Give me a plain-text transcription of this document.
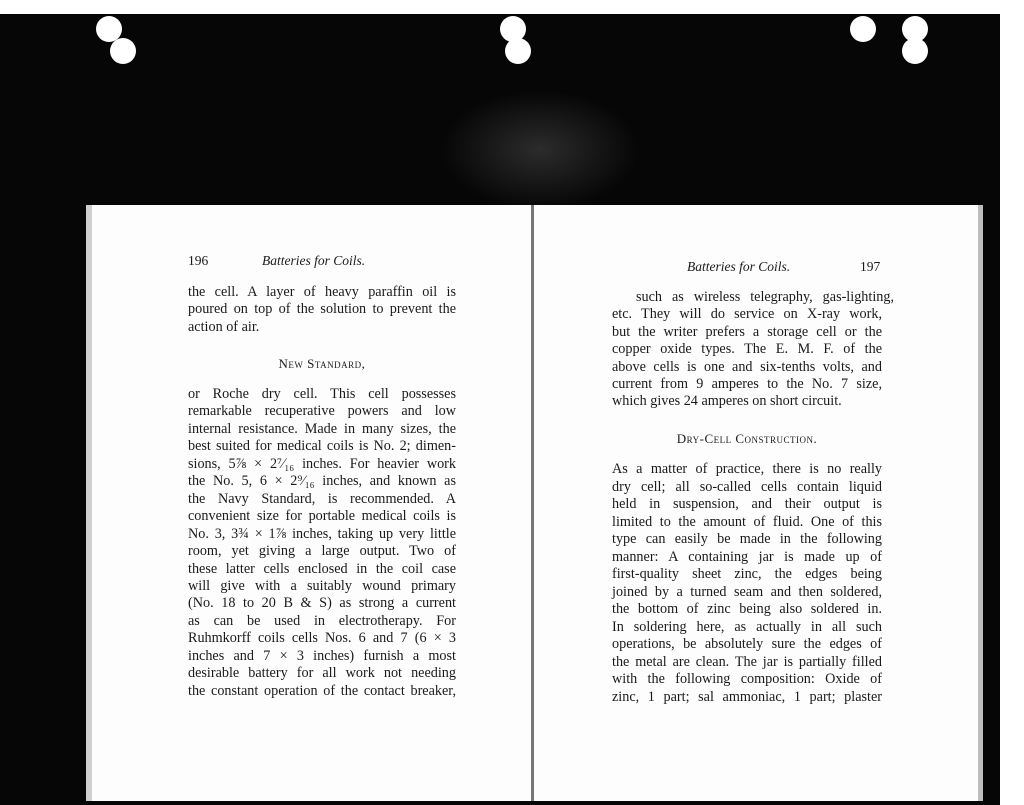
196	Batteries for Coils.	Batteries for Coils.	197
New Standard,
Dry-Cell Construction.
the cell. A layer of heavy paraffin oil is
poured on top of the solution to prevent the
action of air.
or Roche dry cell. This cell possesses
remarkable recuperative powers and low
internal resistance. Made in many sizes, the
best suited for medical coils is No. 2; dimen-
sions, 5⅞ × 2⁷⁄₁₆ inches. For heavier work
the No. 5, 6 × 2⁹⁄₁₆ inches, and known as
the Navy Standard, is recommended. A
convenient size for portable medical coils is
No. 3, 3¾ × 1⅞ inches, taking up very little
room, yet giving a large output. Two of
these latter cells enclosed in the coil case
will give with a suitably wound primary
(No. 18 to 20 B & S) as strong a current
as can be used in electrotherapy. For
Ruhmkorff coils cells Nos. 6 and 7 (6 × 3
inches and 7 × 3 inches) furnish a most
desirable battery for all work not needing
the constant operation of the contact breaker,
such as wireless telegraphy, gas-lighting,
etc. They will do service on X-ray work,
but the writer prefers a storage cell or the
copper oxide types. The E. M. F. of the
above cells is one and six-tenths volts, and
current from 9 amperes to the No. 7 size,
which gives 24 amperes on short circuit.
As a matter of practice, there is no really
dry cell; all so-called cells contain liquid
held in suspension, and their output is
limited to the amount of fluid. One of this
type can easily be made in the following
manner: A containing jar is made up of
first-quality sheet zinc, the edges being
joined by a turned seam and then soldered,
the bottom of zinc being also soldered in.
In soldering here, as actually in all such
operations, be absolutely sure the edges of
the metal are clean. The jar is partially filled
with the following composition: Oxide of
zinc, 1 part; sal ammoniac, 1 part; plaster
